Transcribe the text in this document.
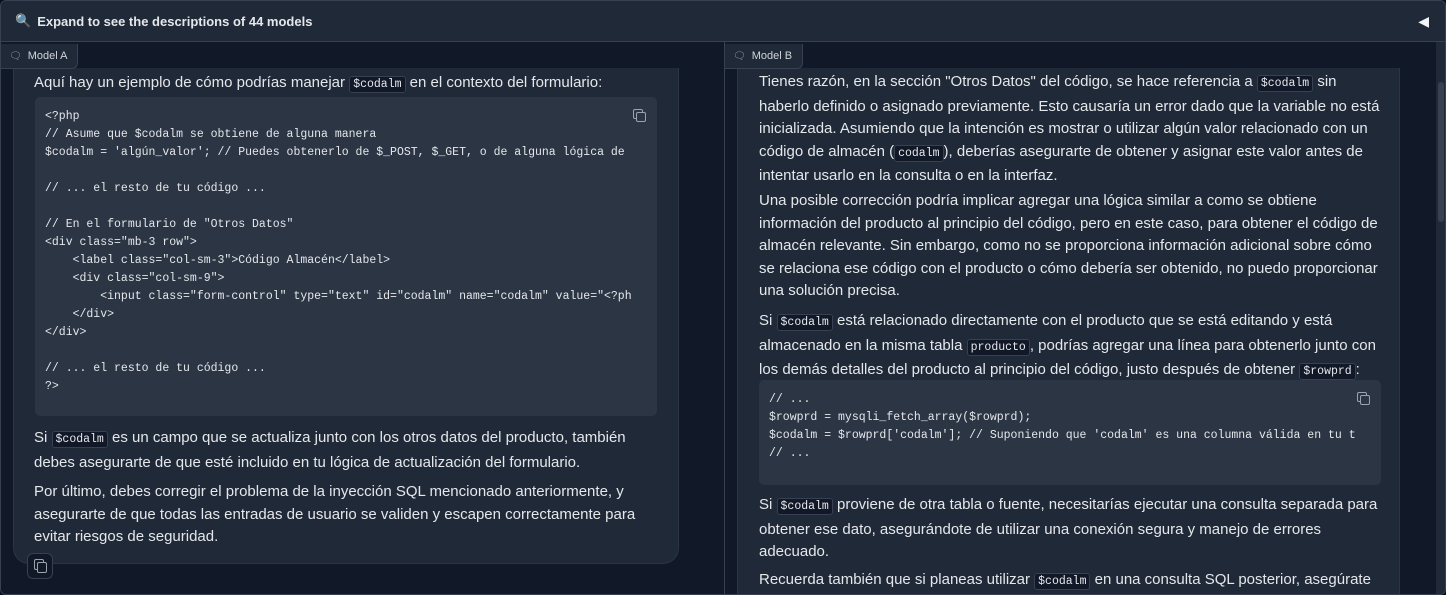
🔍 Expand to see the descriptions of 44 models	◀
Aquí hay un ejemplo de cómo podrías manejar $codalm en el contexto del formulario:
<?php
// Asume que $codalm se obtiene de alguna manera
$codalm = 'algún_valor'; // Puedes obtenerlo de $_POST, $_GET, o de alguna lógica de

// ... el resto de tu código ...

// En el formulario de "Otros Datos"
<div class="mb-3 row">
<label class="col-sm-3">Código Almacén</label>
<div class="col-sm-9">
<input class="form-control" type="text" id="codalm" name="codalm" value="<?ph
</div>
</div>

// ... el resto de tu código ...
?>
Si $codalm es un campo que se actualiza junto con los otros datos del producto, también debes asegurarte de que esté incluido en tu lógica de actualización del formulario.
Por último, debes corregir el problema de la inyección SQL mencionado anteriormente, y asegurarte de que todas las entradas de usuario se validen y escapen correctamente para evitar riesgos de seguridad.
🗨 Model A
Tienes razón, en la sección "Otros Datos" del código, se hace referencia a $codalm sin haberlo definido o asignado previamente. Esto causaría un error dado que la variable no está inicializada. Asumiendo que la intención es mostrar o utilizar algún valor relacionado con un código de almacén ( codalm ), deberías asegurarte de obtener y asignar este valor antes de intentar usarlo en la consulta o en la interfaz.
Una posible corrección podría implicar agregar una lógica similar a como se obtiene información del producto al principio del código, pero en este caso, para obtener el código de almacén relevante. Sin embargo, como no se proporciona información adicional sobre cómo se relaciona ese código con el producto o cómo debería ser obtenido, no puedo proporcionar una solución precisa.
Si $codalm está relacionado directamente con el producto que se está editando y está almacenado en la misma tabla producto , podrías agregar una línea para obtenerlo junto con los demás detalles del producto al principio del código, justo después de obtener $rowprd :
// ...
$rowprd = mysqli_fetch_array($rowprd);
$codalm = $rowprd['codalm']; // Suponiendo que 'codalm' es una columna válida en tu t
// ...
Si $codalm proviene de otra tabla o fuente, necesitarías ejecutar una consulta separada para obtener ese dato, asegurándote de utilizar una conexión segura y manejo de errores adecuado.
Recuerda también que si planeas utilizar $codalm en una consulta SQL posterior, asegúrate
🗨 Model B
